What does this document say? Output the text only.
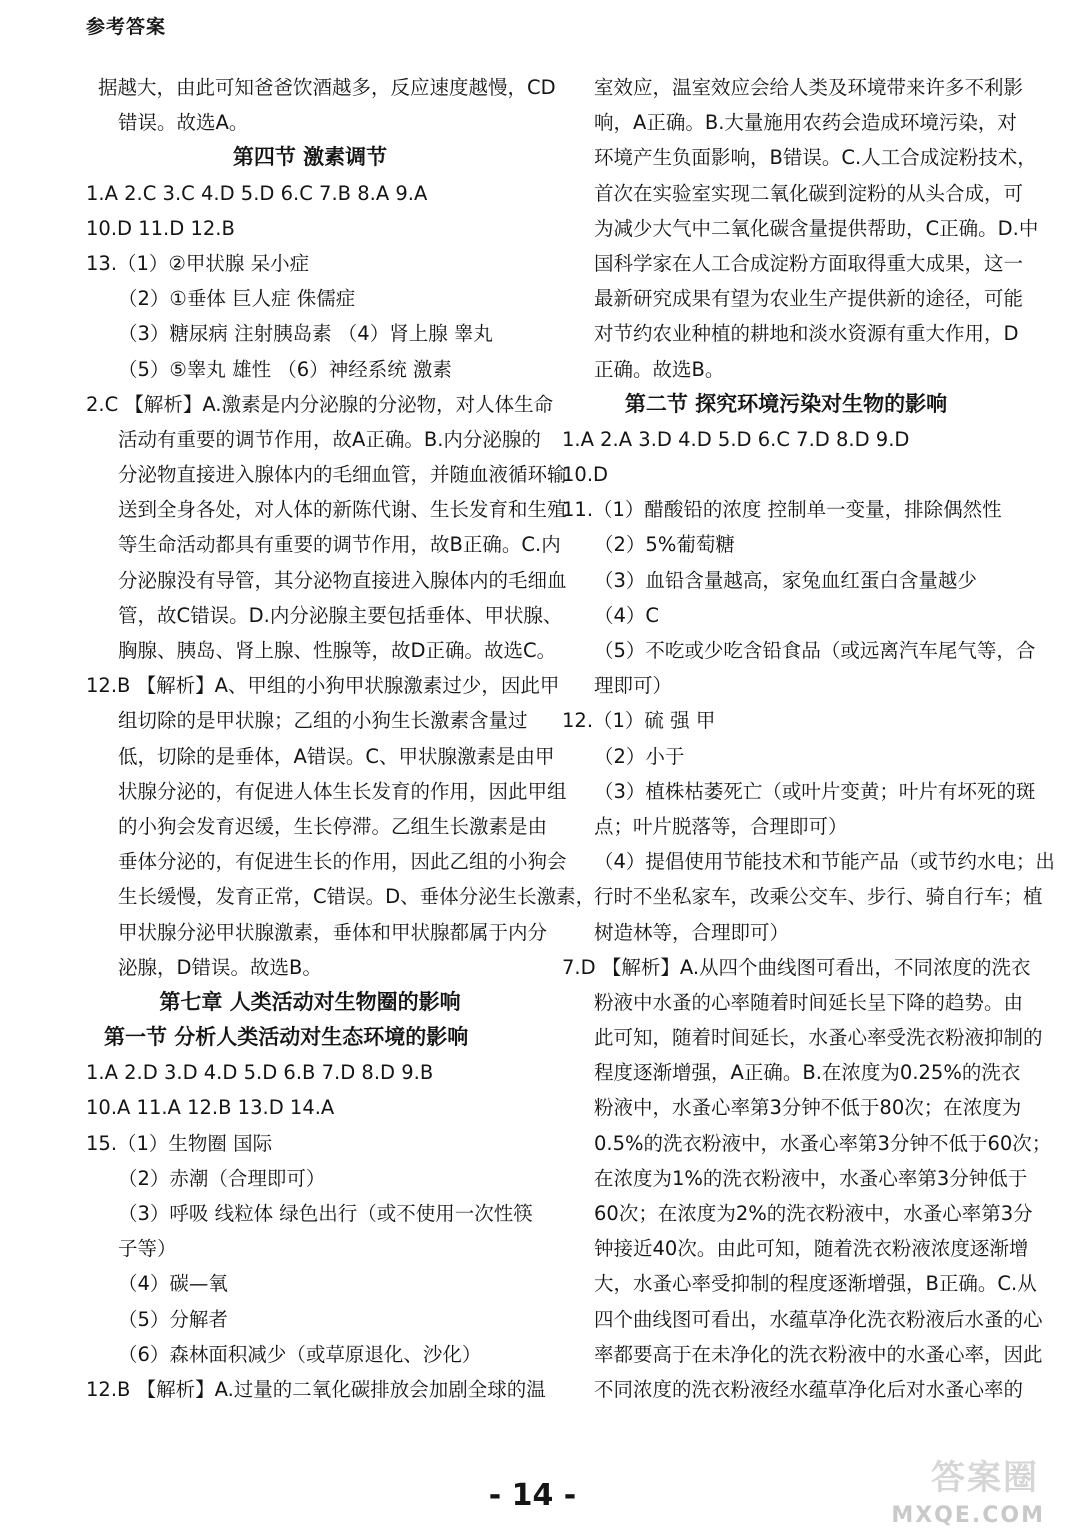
参考答案
据越大，由此可知爸爸饮酒越多，反应速度越慢，CD
错误。故选A。
第四节 激素调节
1.A 2.C 3.C 4.D 5.D 6.C 7.B 8.A 9.A
10.D 11.D 12.B
13.（1）②甲状腺 呆小症
（2）①垂体 巨人症 侏儒症
（3）糖尿病 注射胰岛素 （4）肾上腺 睾丸
（5）⑤睾丸 雄性 （6）神经系统 激素
2.C 【解析】A.激素是内分泌腺的分泌物，对人体生命
活动有重要的调节作用，故A正确。B.内分泌腺的
分泌物直接进入腺体内的毛细血管，并随血液循环输
送到全身各处，对人体的新陈代谢、生长发育和生殖
等生命活动都具有重要的调节作用，故B正确。C.内
分泌腺没有导管，其分泌物直接进入腺体内的毛细血
管，故C错误。D.内分泌腺主要包括垂体、甲状腺、
胸腺、胰岛、肾上腺、性腺等，故D正确。故选C。
12.B 【解析】A、甲组的小狗甲状腺激素过少，因此甲
组切除的是甲状腺；乙组的小狗生长激素含量过
低，切除的是垂体，A错误。C、甲状腺激素是由甲
状腺分泌的，有促进人体生长发育的作用，因此甲组
的小狗会发育迟缓，生长停滞。乙组生长激素是由
垂体分泌的，有促进生长的作用，因此乙组的小狗会
生长缓慢，发育正常，C错误。D、垂体分泌生长激素，
甲状腺分泌甲状腺激素，垂体和甲状腺都属于内分
泌腺，D错误。故选B。
第七章 人类活动对生物圈的影响
第一节 分析人类活动对生态环境的影响
1.A 2.D 3.D 4.D 5.D 6.B 7.D 8.D 9.B
10.A 11.A 12.B 13.D 14.A
15.（1）生物圈 国际
（2）赤潮（合理即可）
（3）呼吸 线粒体 绿色出行（或不使用一次性筷
子等）
（4）碳—氧
（5）分解者
（6）森林面积减少（或草原退化、沙化）
12.B 【解析】A.过量的二氧化碳排放会加剧全球的温
室效应，温室效应会给人类及环境带来许多不利影
响，A正确。B.大量施用农药会造成环境污染，对
环境产生负面影响，B错误。C.人工合成淀粉技术，
首次在实验室实现二氧化碳到淀粉的从头合成，可
为减少大气中二氧化碳含量提供帮助，C正确。D.中
国科学家在人工合成淀粉方面取得重大成果，这一
最新研究成果有望为农业生产提供新的途径，可能
对节约农业种植的耕地和淡水资源有重大作用，D
正确。故选B。
第二节 探究环境污染对生物的影响
1.A 2.A 3.D 4.D 5.D 6.C 7.D 8.D 9.D
10.D
11.（1）醋酸铅的浓度 控制单一变量，排除偶然性
（2）5%葡萄糖
（3）血铅含量越高，家兔血红蛋白含量越少
（4）C
（5）不吃或少吃含铅食品（或远离汽车尾气等，合
理即可）
12.（1）硫 强 甲
（2）小于
（3）植株枯萎死亡（或叶片变黄；叶片有坏死的斑
点；叶片脱落等，合理即可）
（4）提倡使用节能技术和节能产品（或节约水电；出
行时不坐私家车，改乘公交车、步行、骑自行车；植
树造林等，合理即可）
7.D 【解析】A.从四个曲线图可看出，不同浓度的洗衣
粉液中水蚤的心率随着时间延长呈下降的趋势。由
此可知，随着时间延长，水蚤心率受洗衣粉液抑制的
程度逐渐增强，A正确。B.在浓度为0.25%的洗衣
粉液中，水蚤心率第3分钟不低于80次；在浓度为
0.5%的洗衣粉液中，水蚤心率第3分钟不低于60次；
在浓度为1%的洗衣粉液中，水蚤心率第3分钟低于
60次；在浓度为2%的洗衣粉液中，水蚤心率第3分
钟接近40次。由此可知，随着洗衣粉液浓度逐渐增
大，水蚤心率受抑制的程度逐渐增强，B正确。C.从
四个曲线图可看出，水蕴草净化洗衣粉液后水蚤的心
率都要高于在未净化的洗衣粉液中的水蚤心率，因此
不同浓度的洗衣粉液经水蕴草净化后对水蚤心率的
- 14 -	答案圈
MXQE.COM
